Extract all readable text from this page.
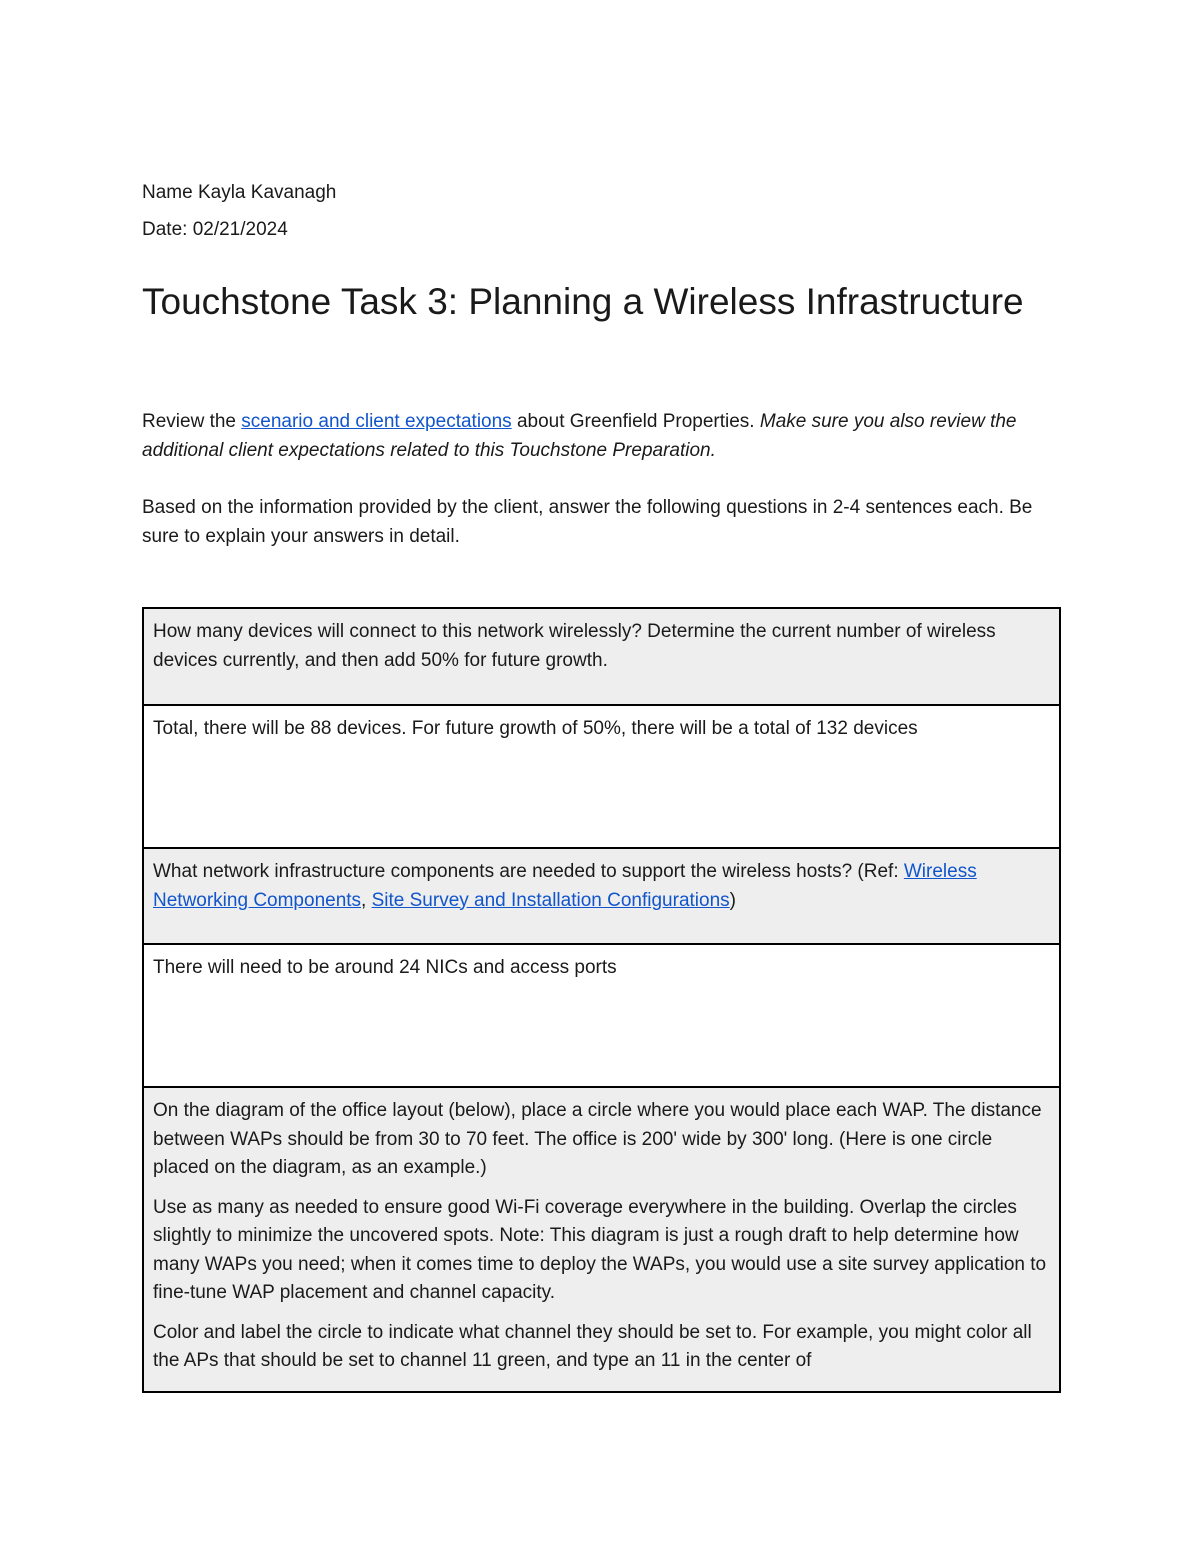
Name Kayla Kavanagh
Date: 02/21/2024
Touchstone Task 3: Planning a Wireless Infrastructure

Review the scenario and client expectations about Greenfield Properties. Make sure you also review the additional client expectations related to this Touchstone Preparation.

Based on the information provided by the client, answer the following questions in 2-4 sentences each. Be sure to explain your answers in detail.

How many devices will connect to this network wirelessly? Determine the current number of wireless devices currently, and then add 50% for future growth.
Total, there will be 88 devices. For future growth of 50%, there will be a total of 132 devices
What network infrastructure components are needed to support the wireless hosts? (Ref: Wireless Networking Components, Site Survey and Installation Configurations)
There will need to be around 24 NICs and access ports

On the diagram of the office layout (below), place a circle where you would place each WAP. The distance between WAPs should be from 30 to 70 feet. The office is 200' wide by 300' long. (Here is one circle placed on the diagram, as an example.)

Use as many as needed to ensure good Wi-Fi coverage everywhere in the building. Overlap the circles slightly to minimize the uncovered spots. Note: This diagram is just a rough draft to help determine how many WAPs you need; when it comes time to deploy the WAPs, you would use a site survey application to fine-tune WAP placement and channel capacity.

Color and label the circle to indicate what channel they should be set to. For example, you might color all the APs that should be set to channel 11 green, and type an 11 in the center of
